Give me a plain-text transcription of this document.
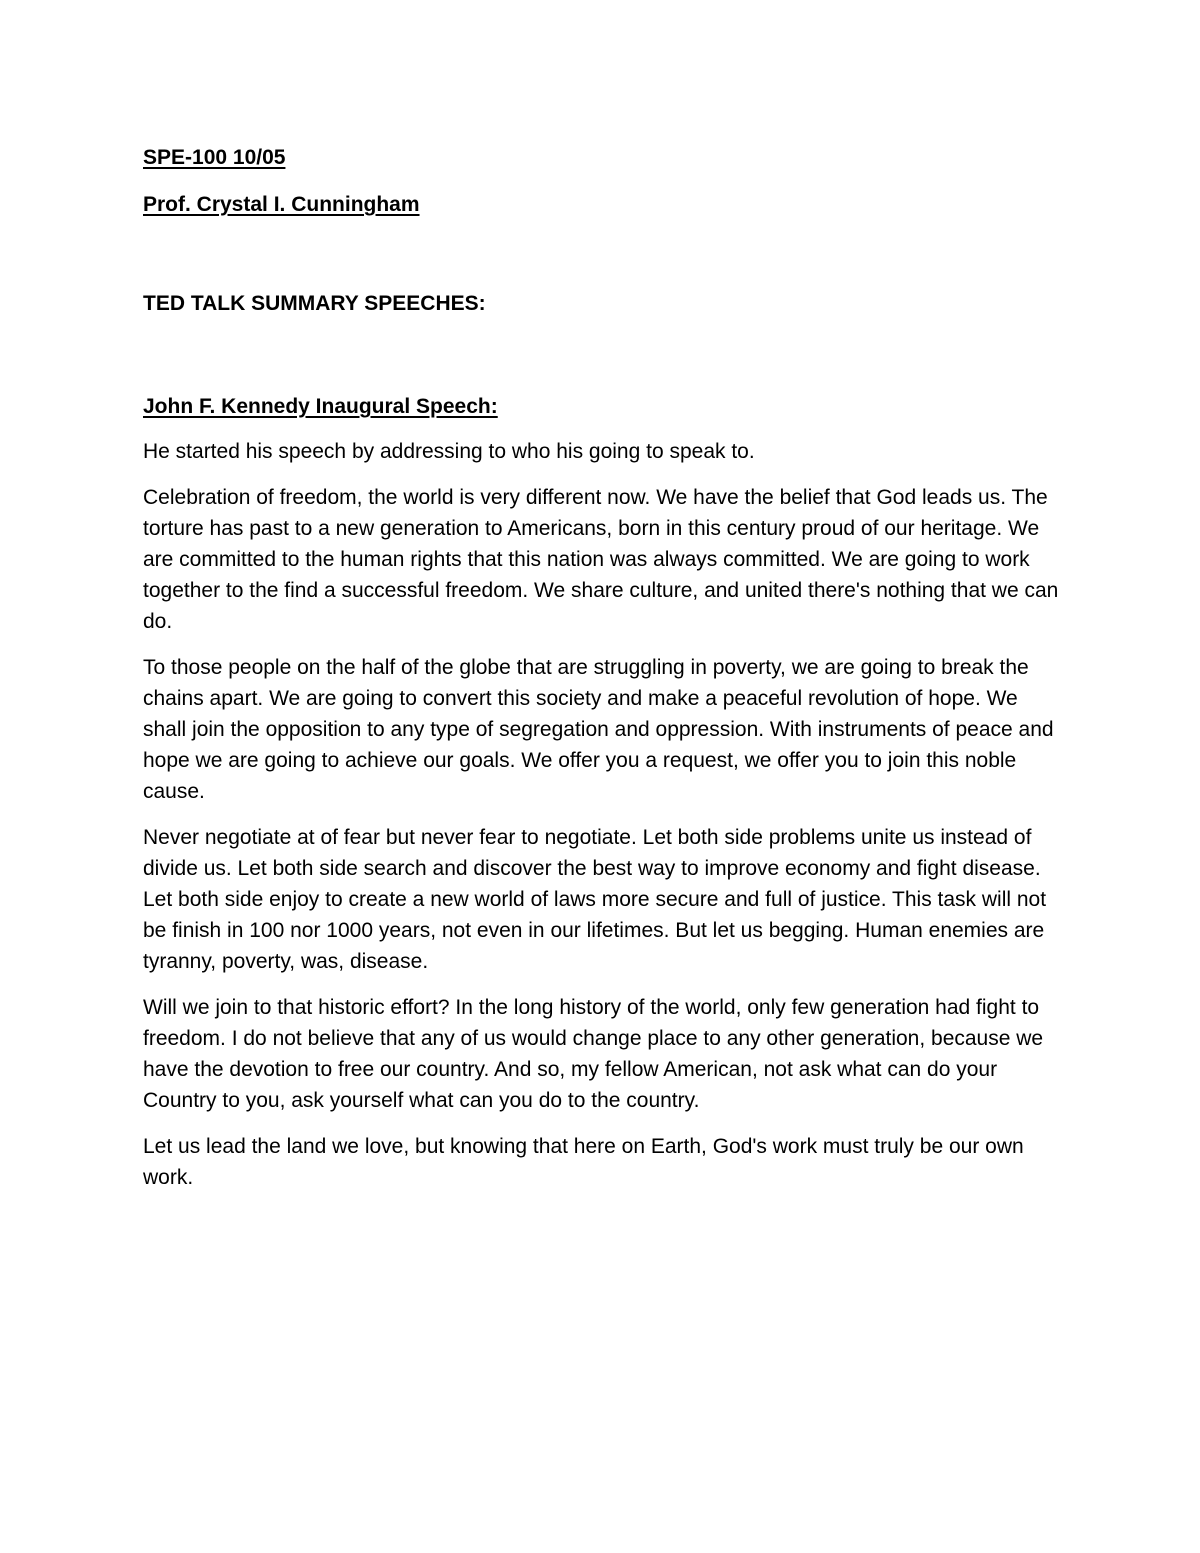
SPE-100 10/05

Prof. Crystal I. Cunningham

TED TALK SUMMARY SPEECHES:

John F. Kennedy Inaugural Speech:

He started his speech by addressing to who his going to speak to.

Celebration of freedom, the world is very different now. We have the belief that God leads us. The torture has past to a new generation to Americans, born in this century proud of our heritage. We are committed to the human rights that this nation was always committed. We are going to work together to the find a successful freedom. We share culture, and united there's nothing that we can do.

To those people on the half of the globe that are struggling in poverty, we are going to break the chains apart. We are going to convert this society and make a peaceful revolution of hope. We shall join the opposition to any type of segregation and oppression. With instruments of peace and hope we are going to achieve our goals. We offer you a request, we offer you to join this noble cause.

Never negotiate at of fear but never fear to negotiate. Let both side problems unite us instead of divide us. Let both side search and discover the best way to improve economy and fight disease. Let both side enjoy to create a new world of laws more secure and full of justice. This task will not be finish in 100 nor 1000 years, not even in our lifetimes. But let us begging. Human enemies are tyranny, poverty, was, disease.

Will we join to that historic effort? In the long history of the world, only few generation had fight to freedom. I do not believe that any of us would change place to any other generation, because we have the devotion to free our country. And so, my fellow American, not ask what can do your Country to you, ask yourself what can you do to the country.

Let us lead the land we love, but knowing that here on Earth, God's work must truly be our own work.
